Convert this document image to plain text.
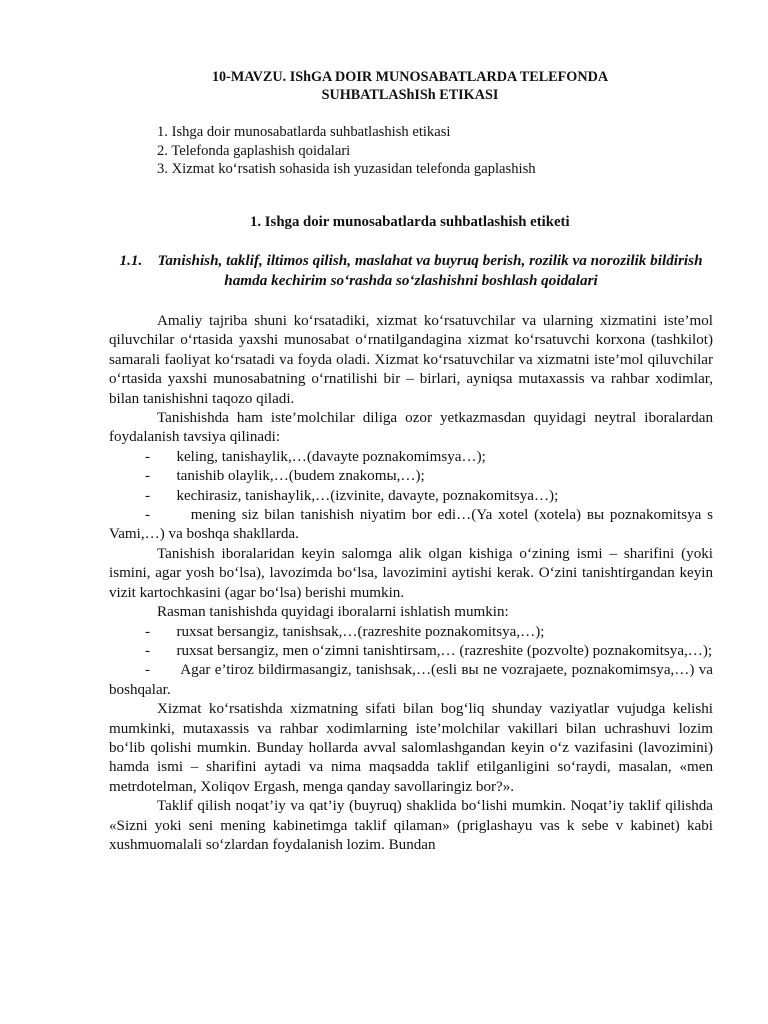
10-MAVZU. IShGA DOIR MUNOSABATLARDA TELEFONDA
SUHBATLAShISh ETIKASI
1. Ishga doir munosabatlarda suhbatlashish etikasi
2. Telefonda gaplashish qoidalari
3. Xizmat ko‘rsatish sohasida ish yuzasidan telefonda gaplashish
1. Ishga doir munosabatlarda suhbatlashish etiketi
1.1. Tanishish, taklif, iltimos qilish, maslahat va buyruq berish, rozilik va norozilik bildirish hamda kechirim so‘rashda so‘zlashishni boshlash qoidalari

Amaliy tajriba shuni ko‘rsatadiki, xizmat ko‘rsatuvchilar va ularning xizmatini iste’mol qiluvchilar o‘rtasida yaxshi munosabat o‘rnatilgandagina xizmat ko‘rsatuvchi korxona (tashkilot) samarali faoliyat ko‘rsatadi va foyda oladi. Xizmat ko‘rsatuvchilar va xizmatni iste’mol qiluvchilar o‘rtasida yaxshi munosabatning o‘rnatilishi bir – birlari, ayniqsa mutaxassis va rahbar xodimlar, bilan tanishishni taqozo qiladi.

Tanishishda ham iste’molchilar diliga ozor yetkazmasdan quyidagi neytral iboralardan foydalanish tavsiya qilinadi:

-       keling, tanishaylik,…(davayte poznakomimsya…);

-       tanishib olaylik,…(budem znakomы,…);

-       kechirasiz, tanishaylik,…(izvinite, davayte, poznakomitsya…);

-       mening siz bilan tanishish niyatim bor edi…(Ya xotel (xotela) вы poznakomitsya s Vami,…) va boshqa shakllarda.

Tanishish iboralaridan keyin salomga alik olgan kishiga o‘zining ismi – sharifini (yoki ismini, agar yosh bo‘lsa), lavozimda bo‘lsa, lavozimini aytishi kerak. O‘zini tanishtirgandan keyin vizit kartochkasini (agar bo‘lsa) berishi mumkin.

Rasman tanishishda quyidagi iboralarni ishlatish mumkin:

-       ruxsat bersangiz, tanishsak,…(razreshite poznakomitsya,…);

-       ruxsat bersangiz, men o‘zimni tanishtirsam,… (razreshite (pozvolte) poznakomitsya,…);

-       Agar e’tiroz bildirmasangiz, tanishsak,…(esli вы ne vozrajaete, poznakomimsya,…) va boshqalar.

Xizmat ko‘rsatishda xizmatning sifati bilan bog‘liq shunday vaziyatlar vujudga kelishi mumkinki, mutaxassis va rahbar xodimlarning iste’molchilar vakillari bilan uchrashuvi lozim bo‘lib qolishi mumkin. Bunday hollarda avval salomlashgandan keyin o‘z vazifasini (lavozimini) hamda ismi – sharifini aytadi va nima maqsadda taklif etilganligini so‘raydi, masalan, «men metrdotelman, Xoliqov Ergash, menga qanday savollaringiz bor?».

Taklif qilish noqat’iy va qat’iy (buyruq) shaklida bo‘lishi mumkin. Noqat’iy taklif qilishda «Sizni yoki seni mening kabinetimga taklif qilaman» (priglashayu vas k sebe v kabinet) kabi xushmuomalali so‘zlardan foydalanish lozim. Bundan
